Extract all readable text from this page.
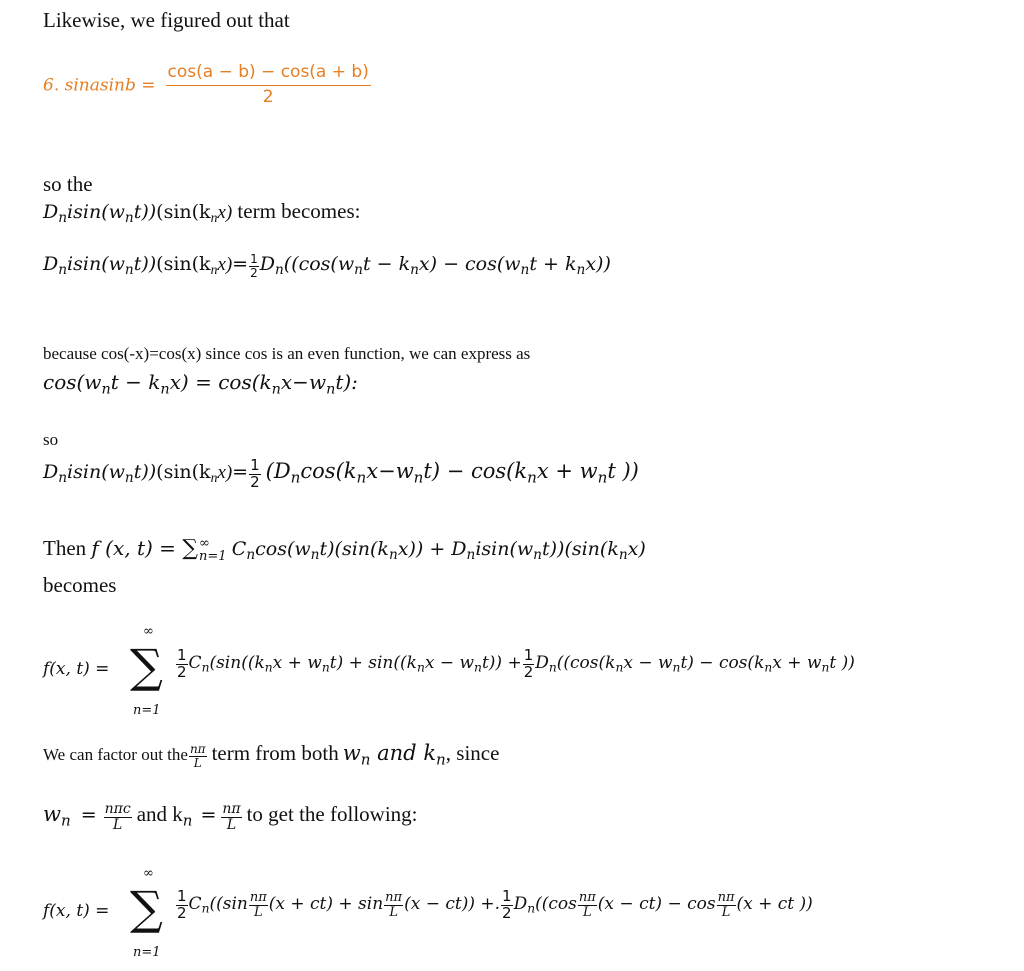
Likewise, we figured out that
6. sinasinb = $\frac{\cos(a - b) - \cos(a + b)}{2}$
so the
$D_nisin(w_nt))(\sin(k_nx)$ term becomes:
$D_nisin(w_nt))(\sin(k_nx)= \frac{1}{2} D_n((\cos(w_nt - k_nx) - \cos(w_nt + k_nx))$
because cos(-x)=cos(x) since cos is an even function, we can express as
$\cos(w_nt - k_nx) = \cos(k_nx-w_nt)$:
so
$D_nisin(w_nt))(\sin(k_nx)= \frac{1}{2} (D_n\cos(k_nx-w_nt) - \cos(k_nx + w_nt$ ))
Then f (x, t) = ∑ ∞
n=1 $C_n\cos(w_nt)(\sin(k_nx)) + D_nisin(w_nt))(\sin(k_nx)$
becomes
f(x, t) =
∞
∑
n=1
$\frac{1}{2} C_n(\sin((k_nx + w_nt) + \sin((k_nx - w_nt)) + \frac{1}{2} D_n((\cos(k_nx - w_nt) - \cos(k_nx + w_nt$ ))
We can factor out the $\frac{n\pi}{L}$ term from both $w_n$ and $k_n$, since
$w_n = \frac{\text{nπc}}{L}$ and $k_n = \frac{n\pi}{L}$ to get the following:
f(x, t) =
∞
∑
n=1
$\frac{1}{2} C_n((\sin \frac{n\pi}{L} (x + ct) + \sin \frac{n\pi}{L} (x - ct))$ +. $\frac{1}{2} D_n((\cos \frac{n\pi}{L} (x - ct) - \cos \frac{n\pi}{L} (x$ + ct ))
